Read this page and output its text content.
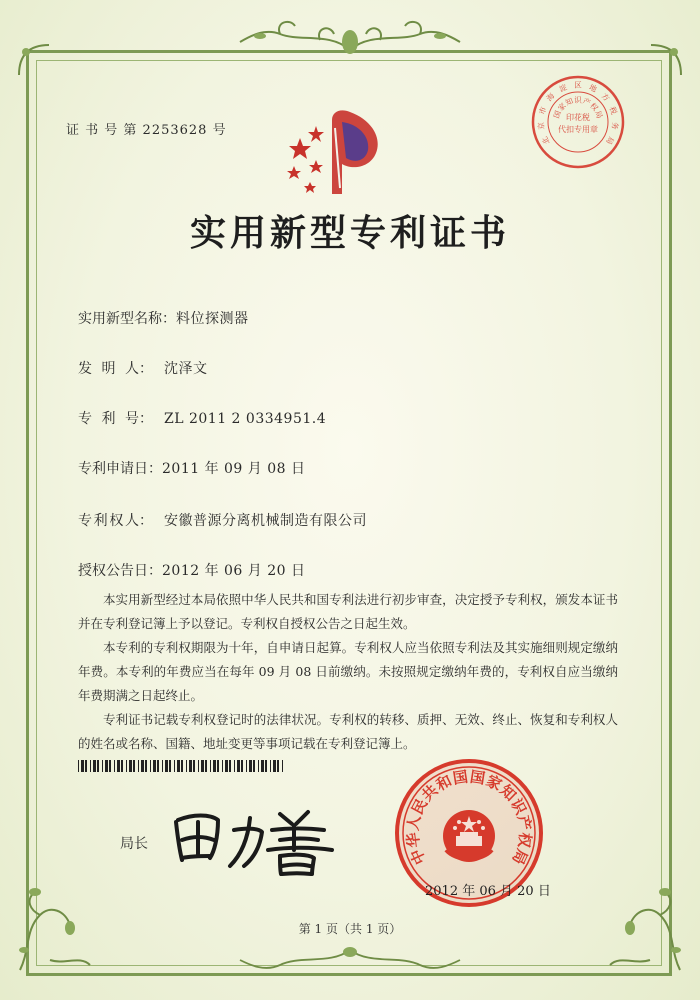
证 书 号 第 2253628 号
实用新型专利证书
实用新型名称：料位探测器
发 明 人： 沈泽文
专 利 号： ZL 2011 2 0334951.4
专利申请日：2011 年 09 月 08 日
专 利 权 人： 安徽普源分离机械制造有限公司
授权公告日：2012 年 06 月 20 日

本实用新型经过本局依照中华人民共和国专利法进行初步审查，决定授予专利权，颁发本证书并在专利登记簿上予以登记。专利权自授权公告之日起生效。

本专利的专利权期限为十年，自申请日起算。专利权人应当依照专利法及其实施细则规定缴纳年费。本专利的年费应当在每年 09 月 08 日前缴纳。未按照规定缴纳年费的，专利权自应当缴纳年费期满之日起终止。

专利证书记载专利权登记时的法律状况。专利权的转移、质押、无效、终止、恢复和专利权人的姓名或名称、国籍、地址变更等事项记载在专利登记簿上。

局长
中
华
人
民
共
和
国 国
家
知
识
产
权
局
2012 年 06 月 20 日
北
京
市
海
淀 区 地
方
税
务
局
国
家
知 识 产
权
局
印花税
代扣专用章
第 1 页（共 1 页）
